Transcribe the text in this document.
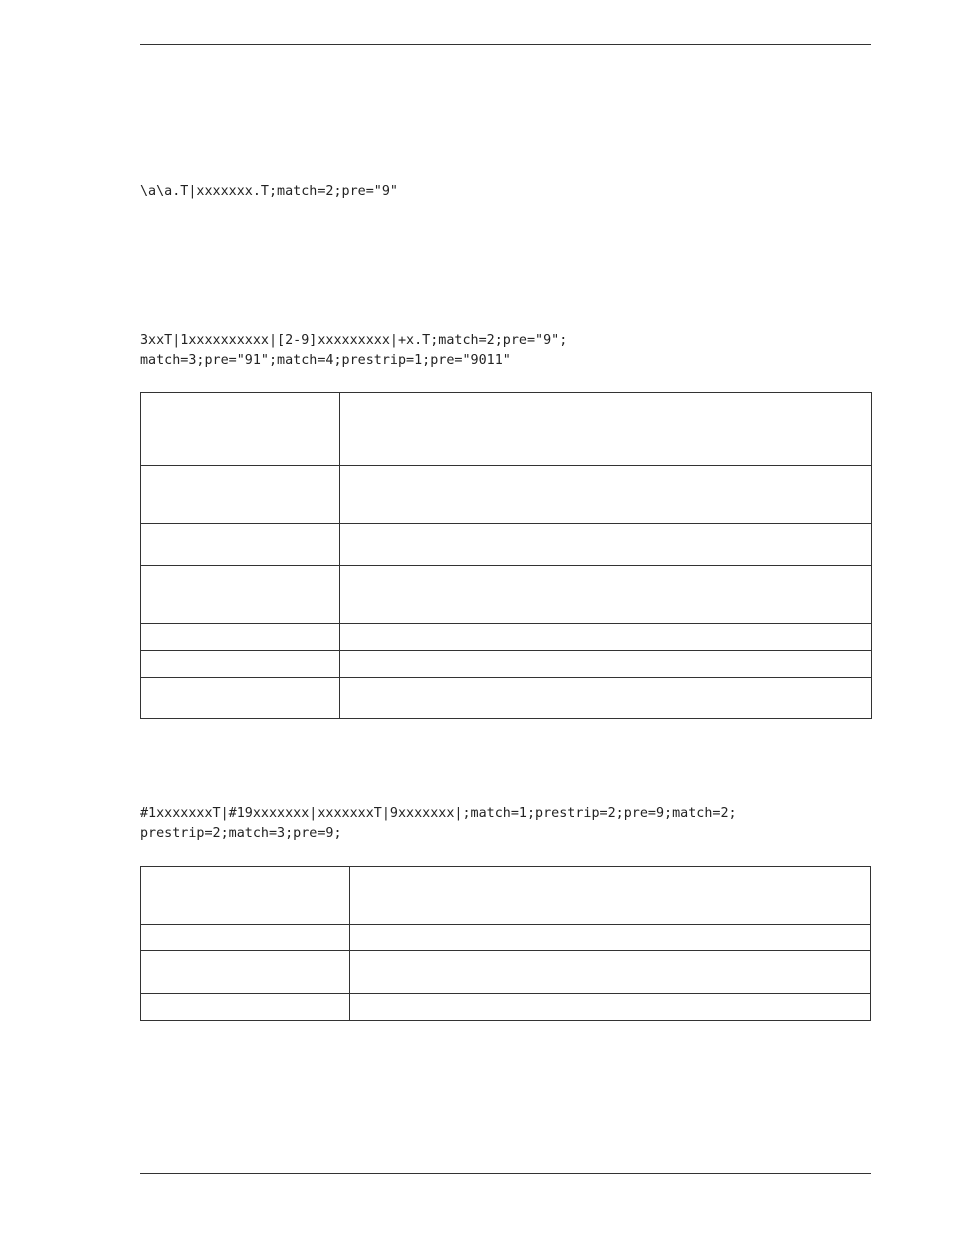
\a\a.T|xxxxxxx.T;match=2;pre="9"
3xxT|1xxxxxxxxxx|[2-9]xxxxxxxxx|+x.T;match=2;pre="9";
match=3;pre="91";match=4;prestrip=1;pre="9011"

#1xxxxxxxT|#19xxxxxxx|xxxxxxxT|9xxxxxxx|;match=1;prestrip=2;pre=9;match=2;
prestrip=2;match=3;pre=9;
